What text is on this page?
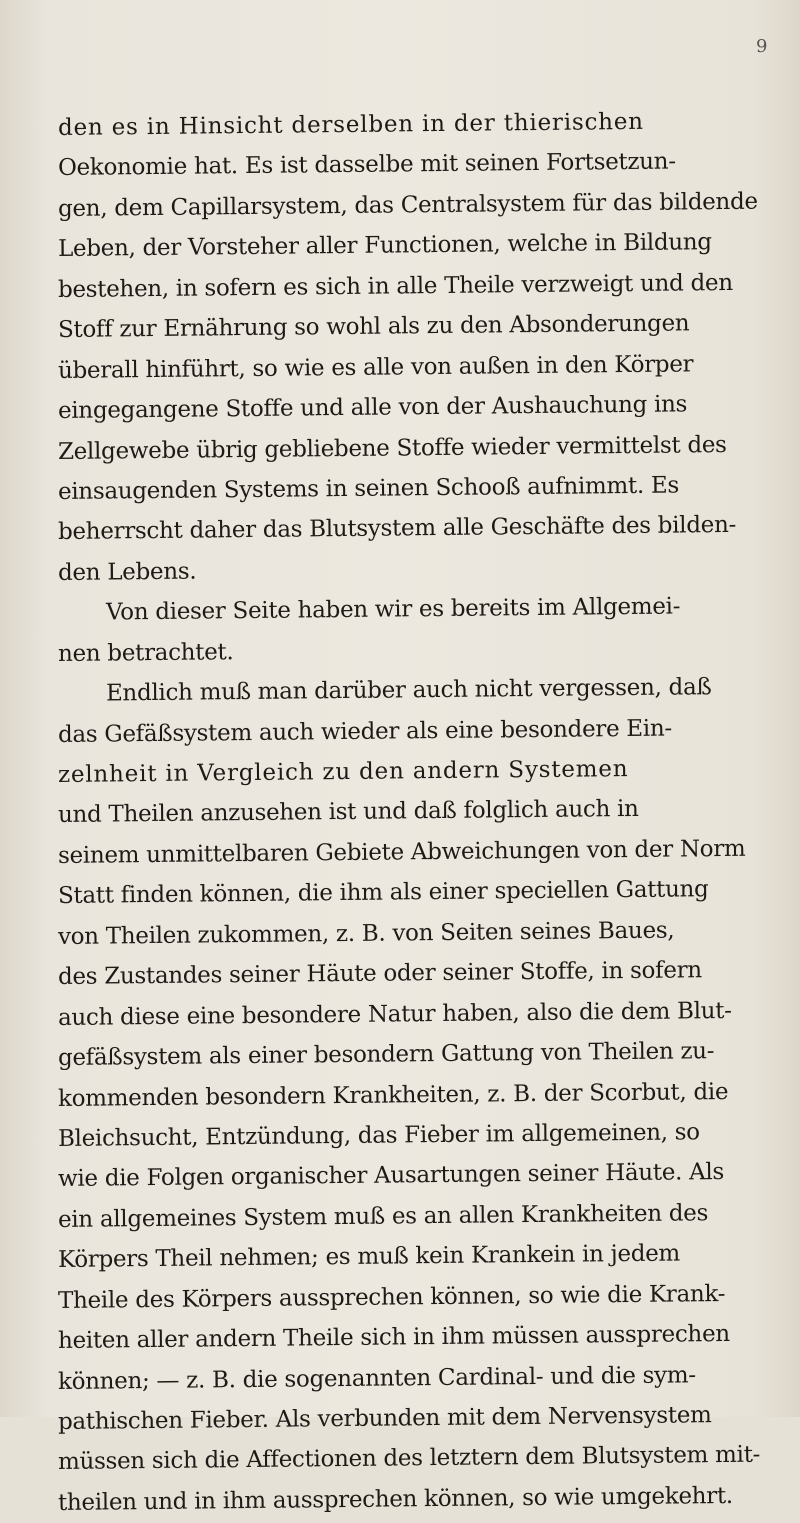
9
den es in Hinsicht derselben in der thierischen
Oekonomie hat. Es ist dasselbe mit seinen Fortsetzun-
gen, dem Capillarsystem, das Centralsystem für das bildende
Leben, der Vorsteher aller Functionen, welche in Bildung
bestehen, in sofern es sich in alle Theile verzweigt und den
Stoff zur Ernährung so wohl als zu den Absonderungen
überall hinführt, so wie es alle von außen in den Körper
eingegangene Stoffe und alle von der Aushauchung ins
Zellgewebe übrig gebliebene Stoffe wieder vermittelst des
einsaugenden Systems in seinen Schooß aufnimmt. Es
beherrscht daher das Blutsystem alle Geschäfte des bilden-
den Lebens.
Von dieser Seite haben wir es bereits im Allgemei-
nen betrachtet.
Endlich muß man darüber auch nicht vergessen, daß
das Gefäßsystem auch wieder als eine besondere Ein-
zelnheit in Vergleich zu den andern Systemen
und Theilen anzusehen ist und daß folglich auch in
seinem unmittelbaren Gebiete Abweichungen von der Norm
Statt finden können, die ihm als einer speciellen Gattung
von Theilen zukommen, z. B. von Seiten seines Baues,
des Zustandes seiner Häute oder seiner Stoffe, in sofern
auch diese eine besondere Natur haben, also die dem Blut-
gefäßsystem als einer besondern Gattung von Theilen zu-
kommenden besondern Krankheiten, z. B. der Scorbut, die
Bleichsucht, Entzündung, das Fieber im allgemeinen, so
wie die Folgen organischer Ausartungen seiner Häute. Als
ein allgemeines System muß es an allen Krankheiten des
Körpers Theil nehmen; es muß kein Krankein in jedem
Theile des Körpers aussprechen können, so wie die Krank-
heiten aller andern Theile sich in ihm müssen aussprechen
können; — z. B. die sogenannten Cardinal- und die sym-
pathischen Fieber. Als verbunden mit dem Nervensystem
müssen sich die Affectionen des letztern dem Blutsystem mit-
theilen und in ihm aussprechen können, so wie umgekehrt.
